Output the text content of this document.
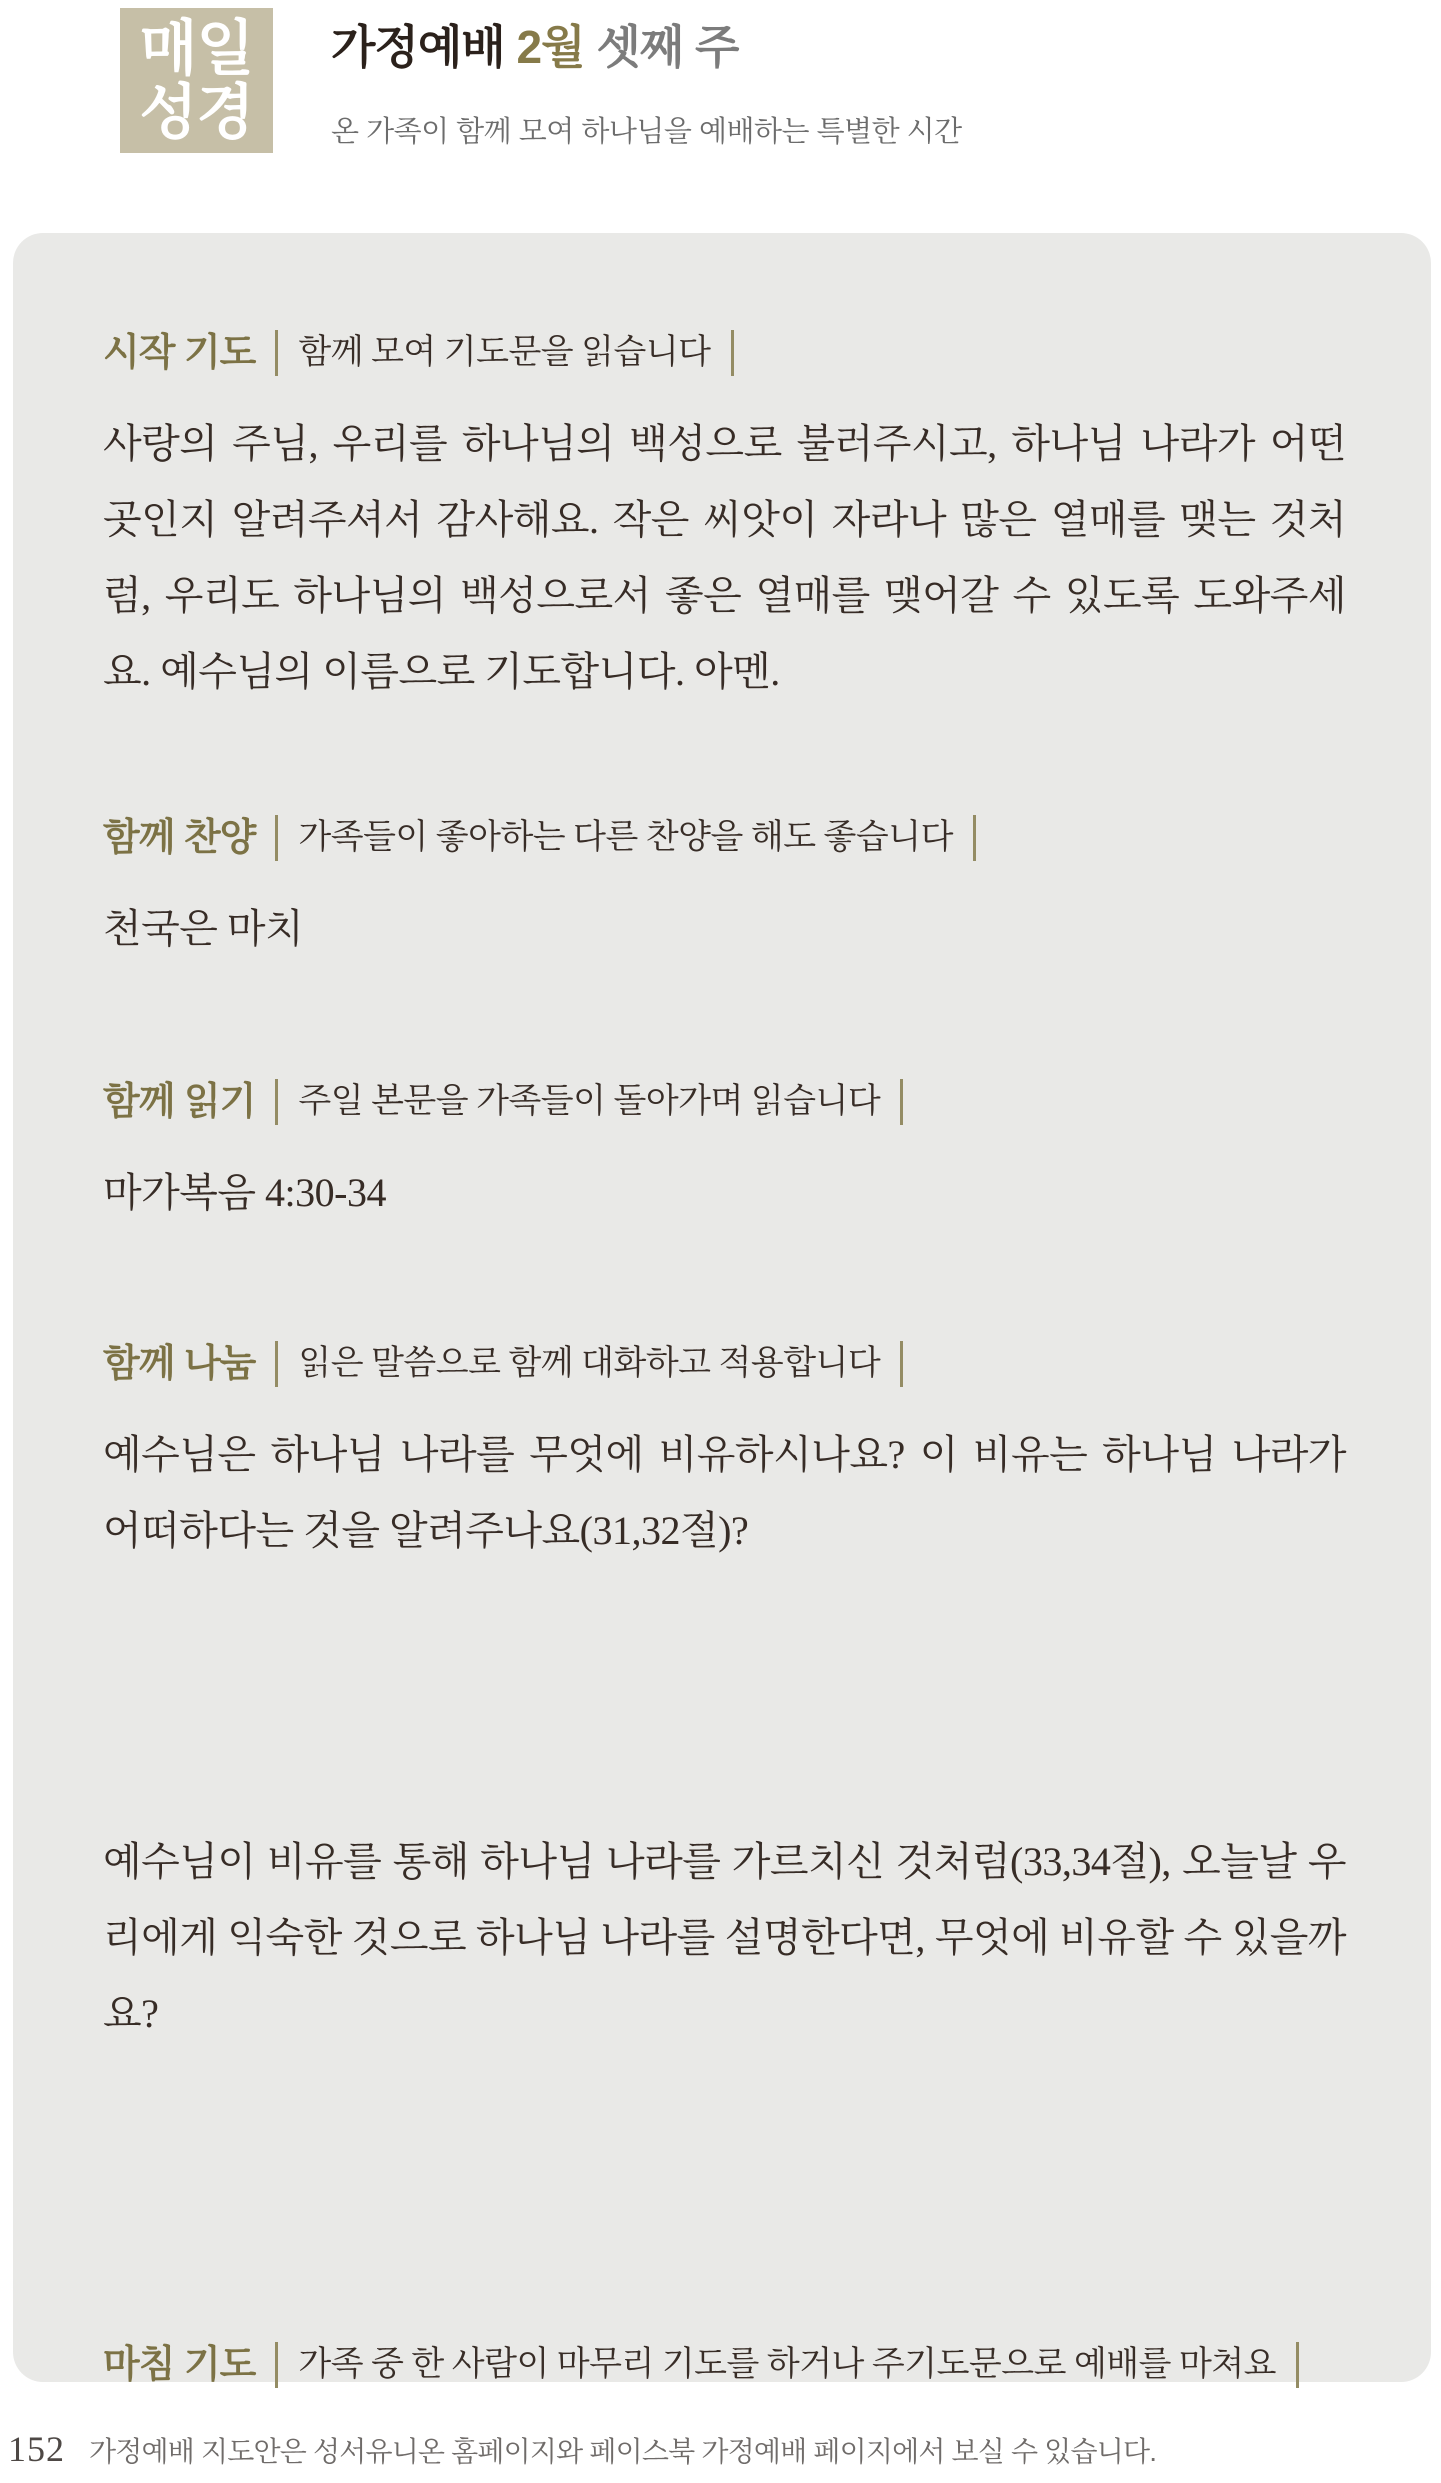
매일
성경
가정예배 2월 셋째 주
온 가족이 함께 모여 하나님을 예배하는 특별한 시간
시작 기도 함께 모여 기도문을 읽습니다
사랑의 주님, 우리를 하나님의 백성으로 불러주시고, 하나님 나라가 어떤 곳인지 알려주셔서 감사해요. 작은 씨앗이 자라나 많은 열매를 맺는 것처럼, 우리도 하나님의 백성으로서 좋은 열매를 맺어갈 수 있도록 도와주세요. 예수님의 이름으로 기도합니다. 아멘.
함께 찬양 가족들이 좋아하는 다른 찬양을 해도 좋습니다
천국은 마치
함께 읽기 주일 본문을 가족들이 돌아가며 읽습니다
마가복음 4:30-34
함께 나눔 읽은 말씀으로 함께 대화하고 적용합니다
예수님은 하나님 나라를 무엇에 비유하시나요? 이 비유는 하나님 나라가 어떠하다는 것을 알려주나요(31,32절)?
예수님이 비유를 통해 하나님 나라를 가르치신 것처럼(33,34절), 오늘날 우리에게 익숙한 것으로 하나님 나라를 설명한다면, 무엇에 비유할 수 있을까요?
마침 기도 가족 중 한 사람이 마무리 기도를 하거나 주기도문으로 예배를 마쳐요
152 가정예배 지도안은 성서유니온 홈페이지와 페이스북 가정예배 페이지에서 보실 수 있습니다.
